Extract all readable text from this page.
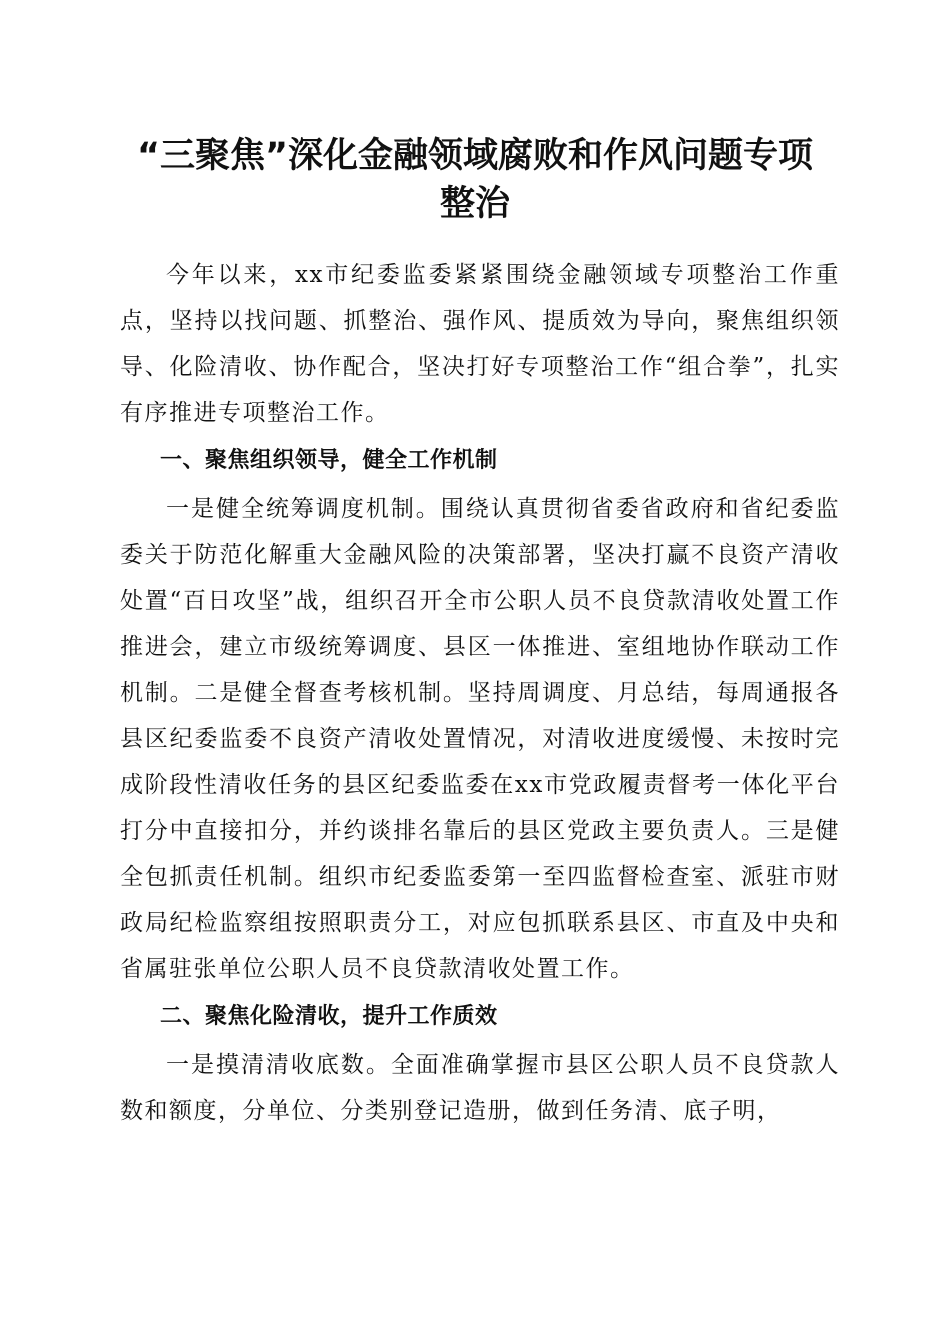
“三聚焦”深化金融领域腐败和作风问题专项
整治

今年以来，xx市纪委监委紧紧围绕金融领域专项整治工作重点，坚持以找问题、抓整治、强作风、提质效为导向，聚焦组织领导、化险清收、协作配合，坚决打好专项整治工作“组合拳”，扎实有序推进专项整治工作。

一、聚焦组织领导，健全工作机制

一是健全统筹调度机制。围绕认真贯彻省委省政府和省纪委监委关于防范化解重大金融风险的决策部署，坚决打赢不良资产清收处置“百日攻坚”战，组织召开全市公职人员不良贷款清收处置工作推进会，建立市级统筹调度、县区一体推进、室组地协作联动工作机制。二是健全督查考核机制。坚持周调度、月总结，每周通报各县区纪委监委不良资产清收处置情况，对清收进度缓慢、未按时完成阶段性清收任务的县区纪委监委在xx市党政履责督考一体化平台打分中直接扣分，并约谈排名靠后的县区党政主要负责人。三是健全包抓责任机制。组织市纪委监委第一至四监督检查室、派驻市财政局纪检监察组按照职责分工，对应包抓联系县区、市直及中央和省属驻张单位公职人员不良贷款清收处置工作。

二、聚焦化险清收，提升工作质效

一是摸清清收底数。全面准确掌握市县区公职人员不良贷款人数和额度，分单位、分类别登记造册，做到任务清、底子明，
